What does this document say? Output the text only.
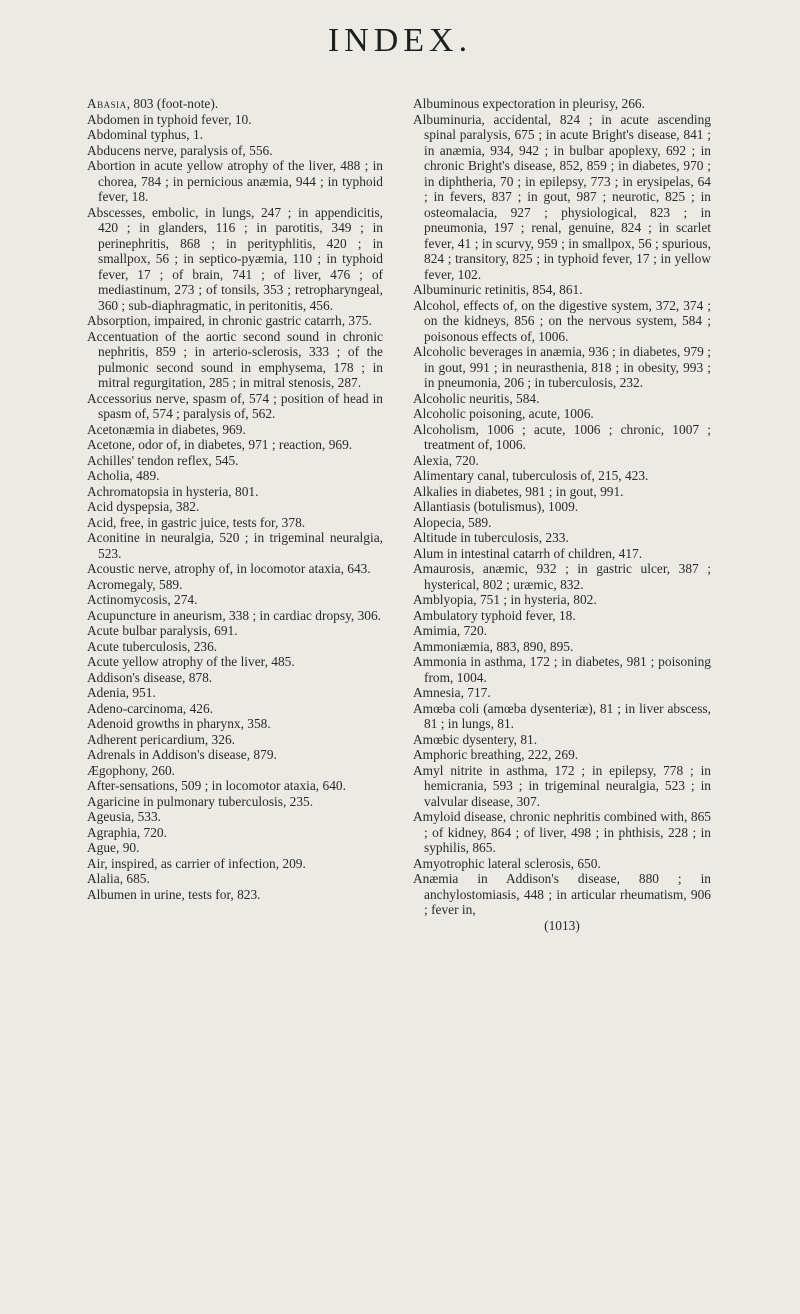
INDEX.

Abasia, 803 (foot-note).

Abdomen in typhoid fever, 10.

Abdominal typhus, 1.

Abducens nerve, paralysis of, 556.

Abortion in acute yellow atrophy of the liver, 488 ; in chorea, 784 ; in pernicious anæmia, 944 ; in typhoid fever, 18.

Abscesses, embolic, in lungs, 247 ; in appendicitis, 420 ; in glanders, 116 ; in parotitis, 349 ; in perinephritis, 868 ; in perityphlitis, 420 ; in smallpox, 56 ; in septico-pyæmia, 110 ; in typhoid fever, 17 ; of brain, 741 ; of liver, 476 ; of mediastinum, 273 ; of tonsils, 353 ; retropharyngeal, 360 ; sub-diaphragmatic, in peritonitis, 456.

Absorption, impaired, in chronic gastric catarrh, 375.

Accentuation of the aortic second sound in chronic nephritis, 859 ; in arterio-sclerosis, 333 ; of the pulmonic second sound in emphysema, 178 ; in mitral regurgitation, 285 ; in mitral stenosis, 287.

Accessorius nerve, spasm of, 574 ; position of head in spasm of, 574 ; paralysis of, 562.

Acetonæmia in diabetes, 969.

Acetone, odor of, in diabetes, 971 ; reaction, 969.

Achilles' tendon reflex, 545.

Acholia, 489.

Achromatopsia in hysteria, 801.

Acid dyspepsia, 382.

Acid, free, in gastric juice, tests for, 378.

Aconitine in neuralgia, 520 ; in trigeminal neuralgia, 523.

Acoustic nerve, atrophy of, in locomotor ataxia, 643.

Acromegaly, 589.

Actinomycosis, 274.

Acupuncture in aneurism, 338 ; in cardiac dropsy, 306.

Acute bulbar paralysis, 691.

Acute tuberculosis, 236.

Acute yellow atrophy of the liver, 485.

Addison's disease, 878.

Adenia, 951.

Adeno-carcinoma, 426.

Adenoid growths in pharynx, 358.

Adherent pericardium, 326.

Adrenals in Addison's disease, 879.

Ægophony, 260.

After-sensations, 509 ; in locomotor ataxia, 640.

Agaricine in pulmonary tuberculosis, 235.

Ageusia, 533.

Agraphia, 720.

Ague, 90.

Air, inspired, as carrier of infection, 209.

Alalia, 685.

Albumen in urine, tests for, 823.

Albuminous expectoration in pleurisy, 266.

Albuminuria, accidental, 824 ; in acute ascending spinal paralysis, 675 ; in acute Bright's disease, 841 ; in anæmia, 934, 942 ; in bulbar apoplexy, 692 ; in chronic Bright's disease, 852, 859 ; in diabetes, 970 ; in diphtheria, 70 ; in epilepsy, 773 ; in erysipelas, 64 ; in fevers, 837 ; in gout, 987 ; neurotic, 825 ; in osteomalacia, 927 ; physiological, 823 ; in pneumonia, 197 ; renal, genuine, 824 ; in scarlet fever, 41 ; in scurvy, 959 ; in smallpox, 56 ; spurious, 824 ; transitory, 825 ; in typhoid fever, 17 ; in yellow fever, 102.

Albuminuric retinitis, 854, 861.

Alcohol, effects of, on the digestive system, 372, 374 ; on the kidneys, 856 ; on the nervous system, 584 ; poisonous effects of, 1006.

Alcoholic beverages in anæmia, 936 ; in diabetes, 979 ; in gout, 991 ; in neurasthenia, 818 ; in obesity, 993 ; in pneumonia, 206 ; in tuberculosis, 232.

Alcoholic neuritis, 584.

Alcoholic poisoning, acute, 1006.

Alcoholism, 1006 ; acute, 1006 ; chronic, 1007 ; treatment of, 1006.

Alexia, 720.

Alimentary canal, tuberculosis of, 215, 423.

Alkalies in diabetes, 981 ; in gout, 991.

Allantiasis (botulismus), 1009.

Alopecia, 589.

Altitude in tuberculosis, 233.

Alum in intestinal catarrh of children, 417.

Amaurosis, anæmic, 932 ; in gastric ulcer, 387 ; hysterical, 802 ; uræmic, 832.

Amblyopia, 751 ; in hysteria, 802.

Ambulatory typhoid fever, 18.

Amimia, 720.

Ammoniæmia, 883, 890, 895.

Ammonia in asthma, 172 ; in diabetes, 981 ; poisoning from, 1004.

Amnesia, 717.

Amœba coli (amœba dysenteriæ), 81 ; in liver abscess, 81 ; in lungs, 81.

Amœbic dysentery, 81.

Amphoric breathing, 222, 269.

Amyl nitrite in asthma, 172 ; in epilepsy, 778 ; in hemicrania, 593 ; in trigeminal neuralgia, 523 ; in valvular disease, 307.

Amyloid disease, chronic nephritis combined with, 865 ; of kidney, 864 ; of liver, 498 ; in phthisis, 228 ; in syphilis, 865.

Amyotrophic lateral sclerosis, 650.

Anæmia in Addison's disease, 880 ; in anchylostomiasis, 448 ; in articular rheumatism, 906 ; fever in,

(1013)
